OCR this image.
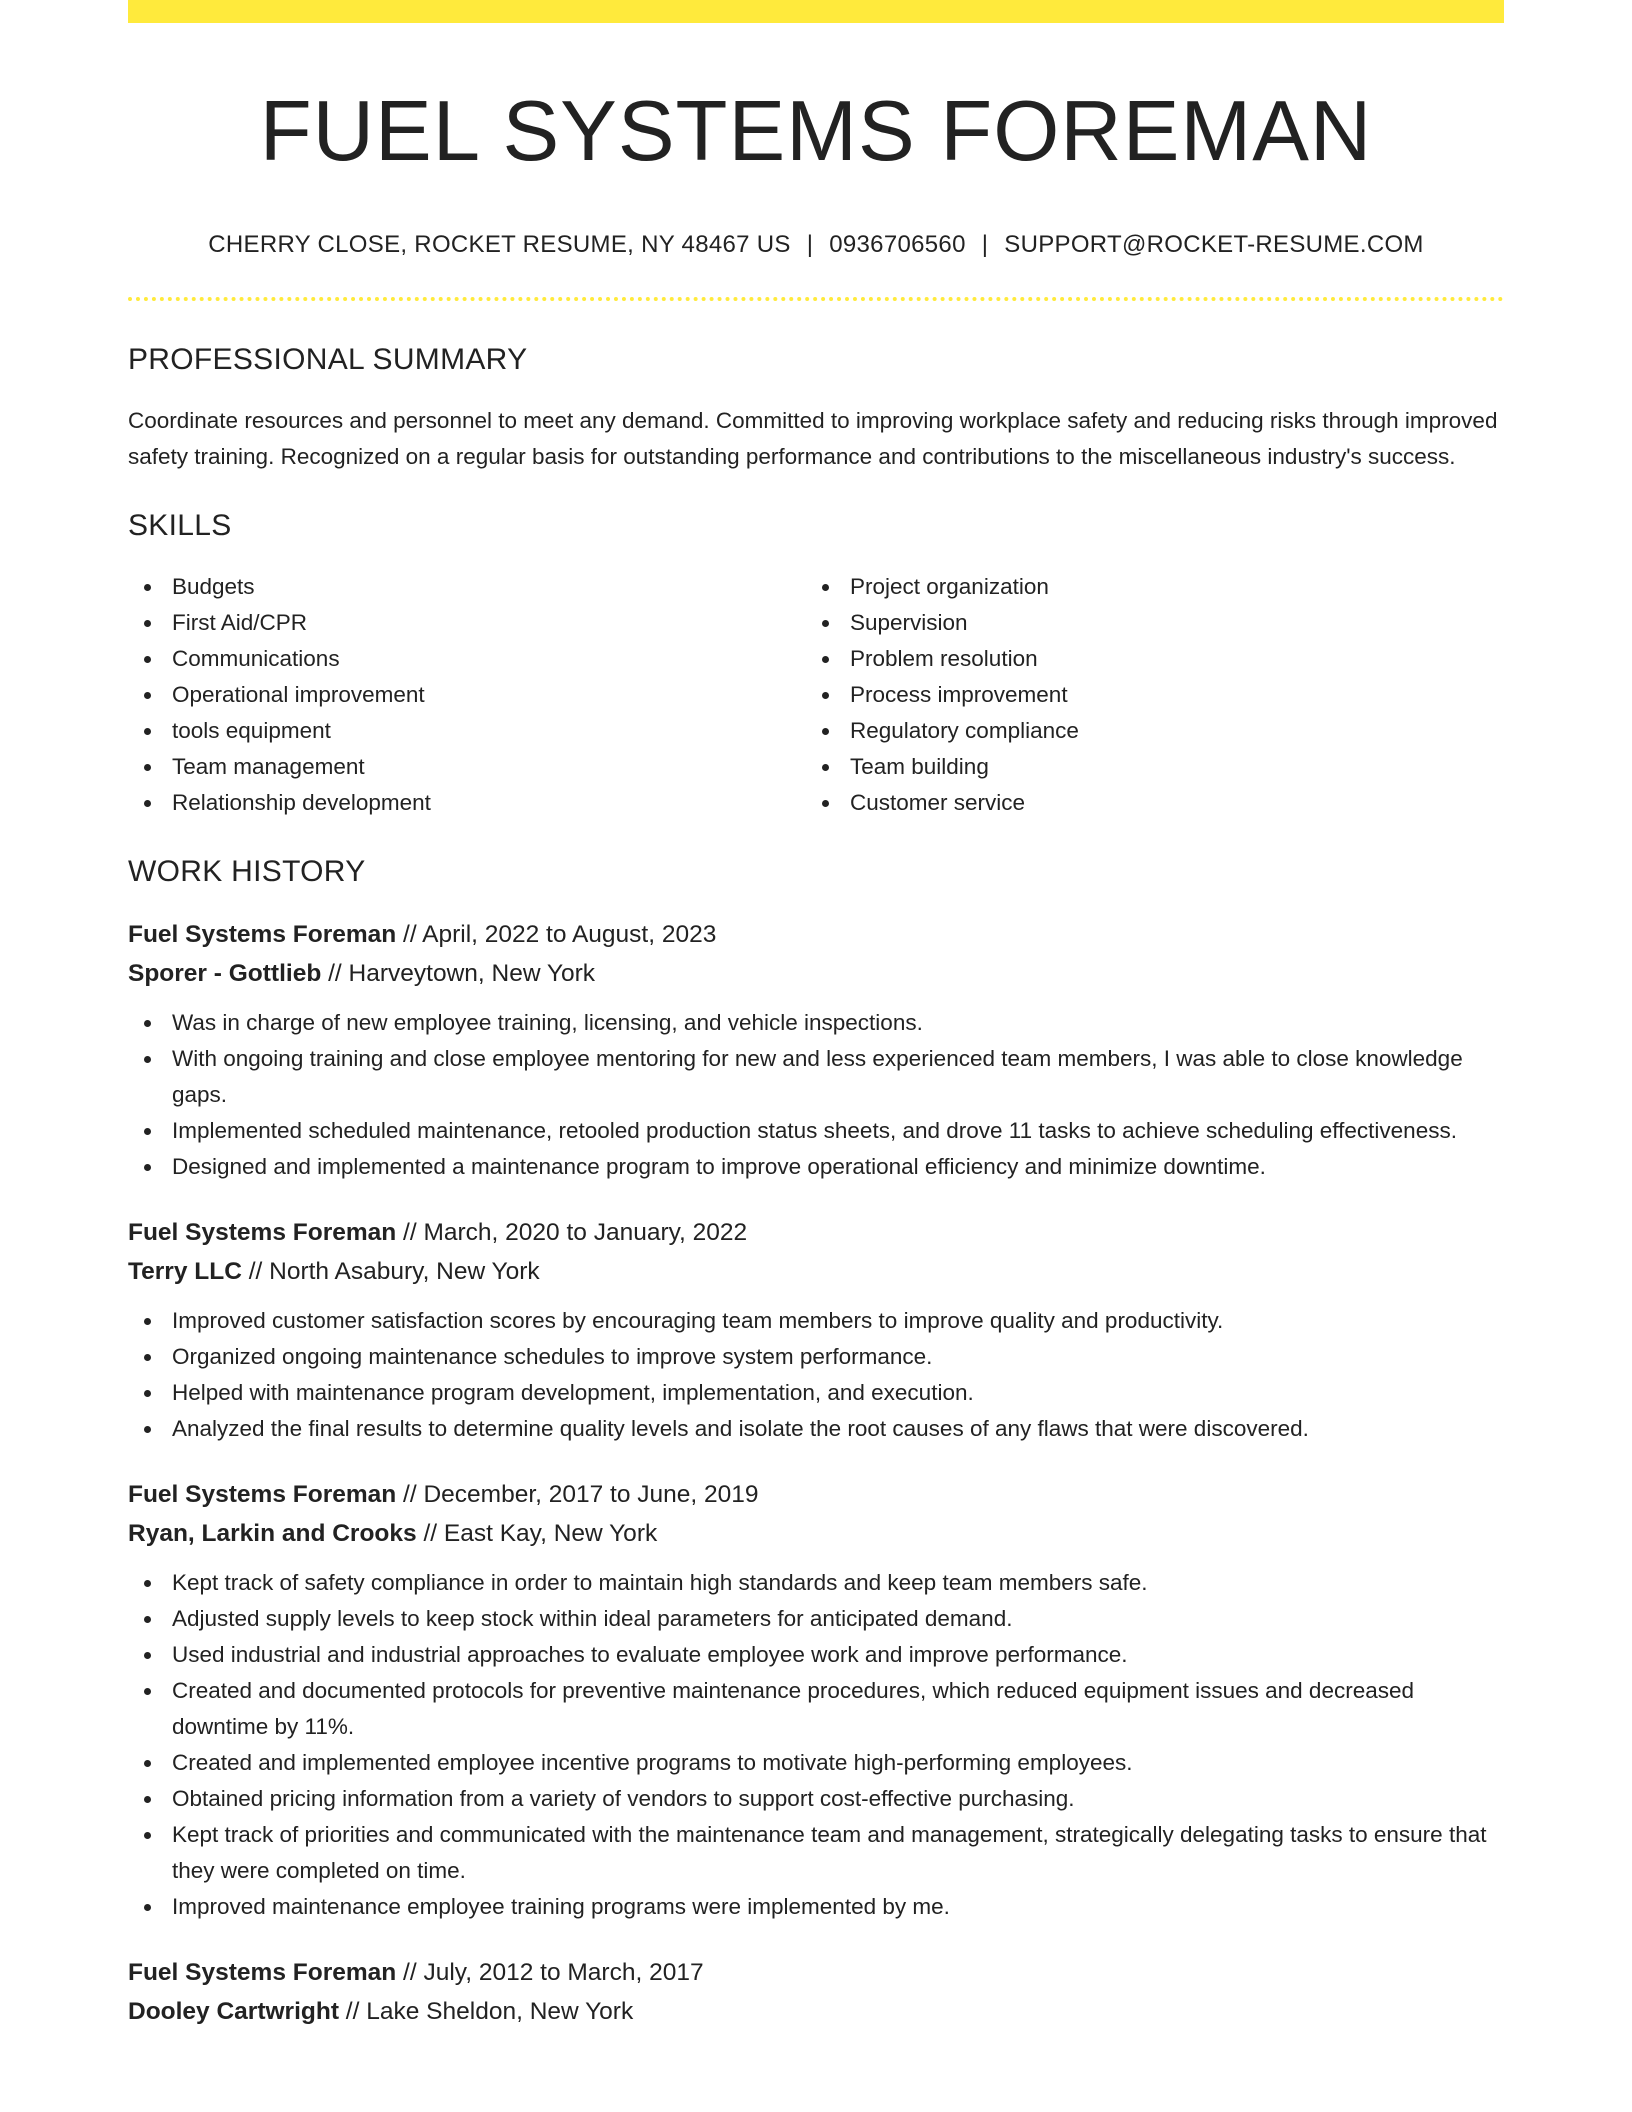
FUEL SYSTEMS FOREMAN
CHERRY CLOSE, ROCKET RESUME, NY 48467 US | 0936706560 | SUPPORT@ROCKET-RESUME.COM
PROFESSIONAL SUMMARY

Coordinate resources and personnel to meet any demand. Committed to improving workplace safety and reducing risks through improved safety training. Recognized on a regular basis for outstanding performance and contributions to the miscellaneous industry's success.

SKILLS
Budgets
First Aid/CPR
Communications
Operational improvement
tools equipment
Team management
Relationship development
Project organization
Supervision
Problem resolution
Process improvement
Regulatory compliance
Team building
Customer service
WORK HISTORY
Fuel Systems Foreman // April, 2022 to August, 2023
Sporer - Gottlieb // Harveytown, New York
Was in charge of new employee training, licensing, and vehicle inspections.
With ongoing training and close employee mentoring for new and less experienced team members, I was able to close knowledge gaps.
Implemented scheduled maintenance, retooled production status sheets, and drove 11 tasks to achieve scheduling effectiveness.
Designed and implemented a maintenance program to improve operational efficiency and minimize downtime.
Fuel Systems Foreman // March, 2020 to January, 2022
Terry LLC // North Asabury, New York
Improved customer satisfaction scores by encouraging team members to improve quality and productivity.
Organized ongoing maintenance schedules to improve system performance.
Helped with maintenance program development, implementation, and execution.
Analyzed the final results to determine quality levels and isolate the root causes of any flaws that were discovered.
Fuel Systems Foreman // December, 2017 to June, 2019
Ryan, Larkin and Crooks // East Kay, New York
Kept track of safety compliance in order to maintain high standards and keep team members safe.
Adjusted supply levels to keep stock within ideal parameters for anticipated demand.
Used industrial and industrial approaches to evaluate employee work and improve performance.
Created and documented protocols for preventive maintenance procedures, which reduced equipment issues and decreased downtime by 11%.
Created and implemented employee incentive programs to motivate high-performing employees.
Obtained pricing information from a variety of vendors to support cost-effective purchasing.
Kept track of priorities and communicated with the maintenance team and management, strategically delegating tasks to ensure that they were completed on time.
Improved maintenance employee training programs were implemented by me.
Fuel Systems Foreman // July, 2012 to March, 2017
Dooley Cartwright // Lake Sheldon, New York
